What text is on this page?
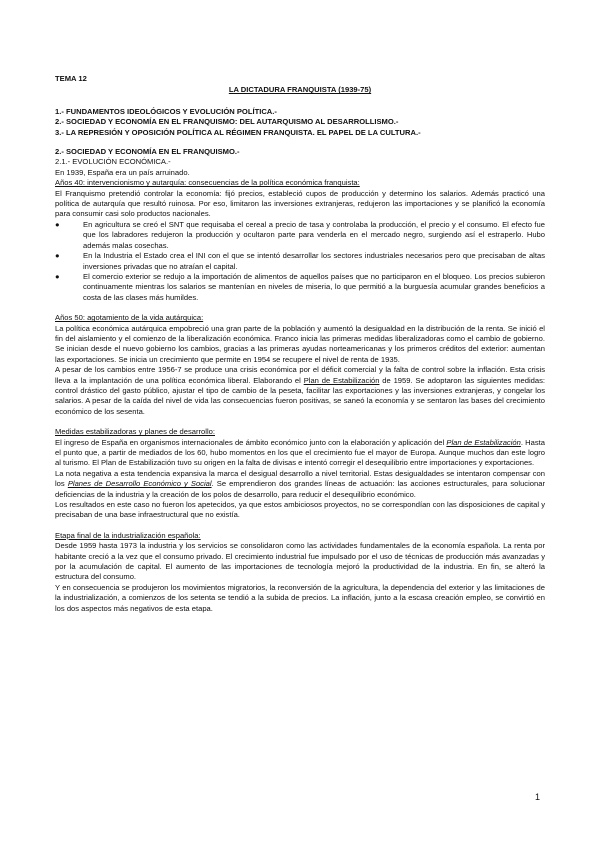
TEMA 12
LA DICTADURA FRANQUISTA (1939-75)
1.- FUNDAMENTOS IDEOLÓGICOS Y EVOLUCIÓN POLÍTICA.-
2.- SOCIEDAD Y ECONOMÍA EN EL FRANQUISMO: DEL AUTARQUISMO AL DESARROLLISMO.-
3.- LA REPRESIÓN Y OPOSICIÓN POLÍTICA AL RÉGIMEN FRANQUISTA. EL PAPEL DE LA CULTURA.-
2.- SOCIEDAD Y ECONOMÍA EN EL FRANQUISMO.-
2.1.- EVOLUCIÓN ECONÓMICA.-
En 1939, España era un país arruinado.
Años 40: intervencionismo y autarquía: consecuencias de la política económica franquista:

El Franquismo pretendió controlar la economía: fijó precios, estableció cupos de producción y determino los salarios. Además practicó una política de autarquía que resultó ruinosa. Por eso, limitaron las inversiones extranjeras, redujeron las importaciones y se planificó la economía para consumir casi solo productos nacionales.

●	En agricultura se creó el SNT que requisaba el cereal a precio de tasa y controlaba la producción, el precio y el consumo. El efecto fue que los labradores redujeron la producción y ocultaron parte para venderla en el mercado negro, surgiendo así el estraperlo. Hubo además malas cosechas.
●	En la Industria el Estado crea el INI con el que se intentó desarrollar los sectores industriales necesarios pero que precisaban de altas inversiones privadas que no atraían el capital.
●	El comercio exterior se redujo a la importación de alimentos de aquellos países que no participaron en el bloqueo. Los precios subieron continuamente mientras los salarios se mantenían en niveles de miseria, lo que permitió a la burguesía acumular grandes beneficios a costa de las clases más humildes.
Años 50: agotamiento de la vida autárquica:

La política económica autárquica empobreció una gran parte de la población y aumentó la desigualdad en la distribución de la renta. Se inició el fin del aislamiento y el comienzo de la liberalización económica. Franco inicia las primeras medidas liberalizadoras como el cambio de gobierno. Se inician desde el nuevo gobierno los cambios, gracias a las primeras ayudas norteamericanas y los primeros créditos del exterior: aumentan las exportaciones. Se inicia un crecimiento que permite en 1954 se recupere el nivel de renta de 1935.

A pesar de los cambios entre 1956-7 se produce una crisis económica por el déficit comercial y la falta de control sobre la inflación. Esta crisis lleva a la implantación de una política económica liberal. Elaborando el Plan de Estabilización de 1959. Se adoptaron las siguientes medidas: control drástico del gasto público, ajustar el tipo de cambio de la peseta, facilitar las exportaciones y las inversiones extranjeras, y congelar los salarios. A pesar de la caída del nivel de vida las consecuencias fueron positivas, se saneó la economía y se sentaron las bases del crecimiento económico de los sesenta.

Medidas estabilizadoras y planes de desarrollo:

El ingreso de España en organismos internacionales de ámbito económico junto con la elaboración y aplicación del Plan de Estabilización. Hasta el punto que, a partir de mediados de los 60, hubo momentos en los que el crecimiento fue el mayor de Europa. Aunque muchos dan este logro al turismo. El Plan de Estabilización tuvo su origen en la falta de divisas e intentó corregir el desequilibrio entre importaciones y exportaciones.

La nota negativa a esta tendencia expansiva la marca el desigual desarrollo a nivel territorial. Estas desigualdades se intentaron compensar con los Planes de Desarrollo Económico y Social. Se emprendieron dos grandes líneas de actuación: las acciones estructurales, para solucionar deficiencias de la industria y la creación de los polos de desarrollo, para reducir el desequilibrio económico.

Los resultados en este caso no fueron los apetecidos, ya que estos ambiciosos proyectos, no se correspondían con las disposiciones de capital y precisaban de una base infraestructural que no existía.

Etapa final de la industrialización española:

Desde 1959 hasta 1973 la industria y los servicios se consolidaron como las actividades fundamentales de la economía española. La renta por habitante creció a la vez que el consumo privado. El crecimiento industrial fue impulsado por el uso de técnicas de producción más avanzadas y por la acumulación de capital. El aumento de las importaciones de tecnología mejoró la productividad de la industria. En fin, se alteró la estructura del consumo.

Y en consecuencia se produjeron los movimientos migratorios, la reconversión de la agricultura, la dependencia del exterior y las limitaciones de la industrialización, a comienzos de los setenta se tendió a la subida de precios. La inflación, junto a la escasa creación empleo, se convirtió en los dos aspectos más negativos de esta etapa.

1
